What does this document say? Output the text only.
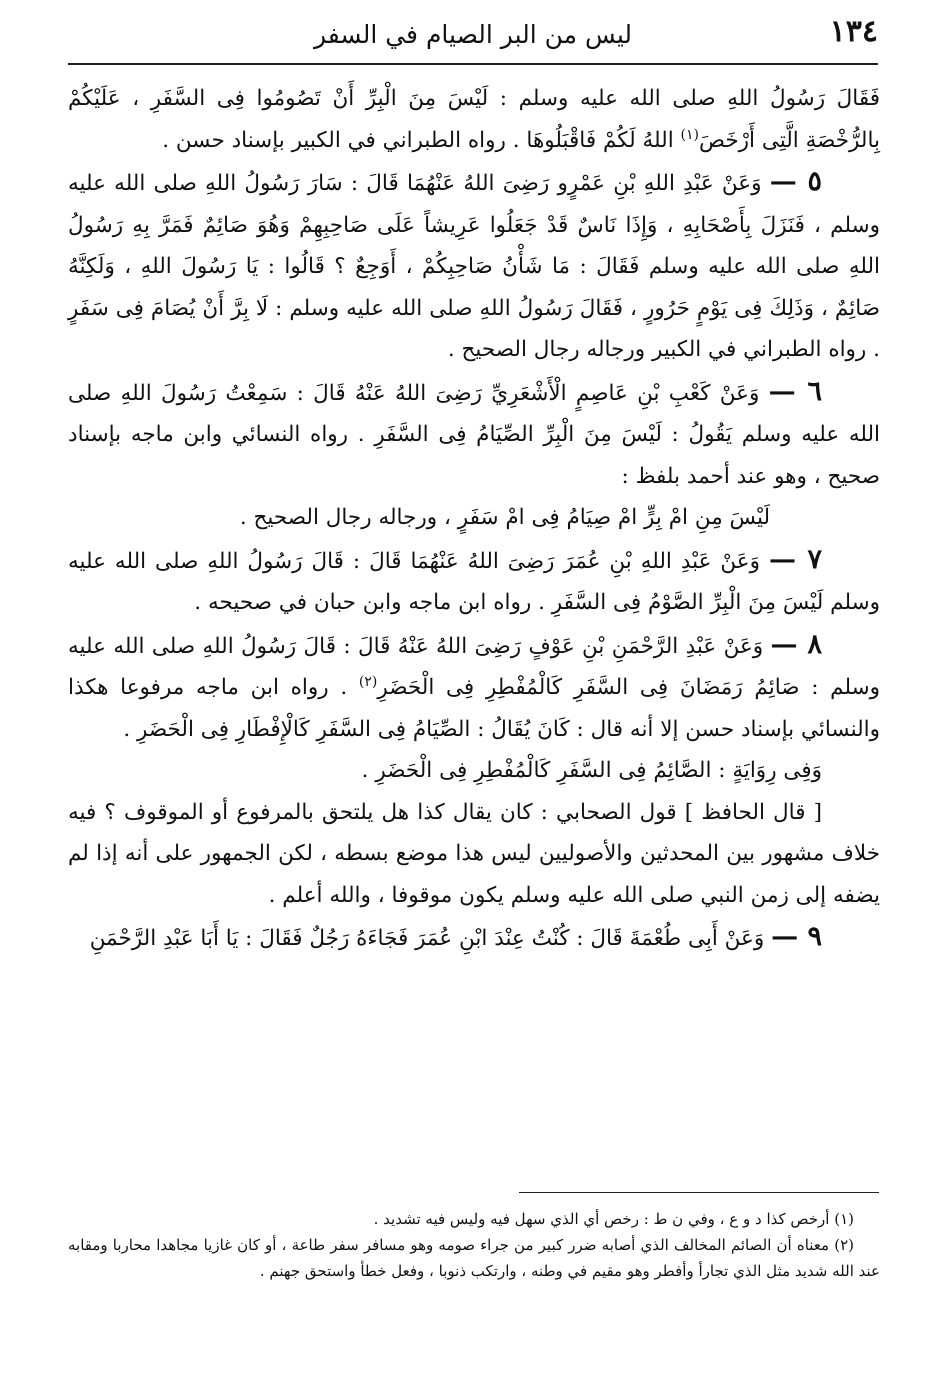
١٣٤
ليس من البر الصيام في السفر

فَقَالَ رَسُولُ اللهِ صلى الله عليه وسلم : لَيْسَ مِنَ الْبِرِّ أَنْ تَصُومُوا فِى السَّفَرِ ، عَلَيْكُمْ بِالرُّخْصَةِ الَّتِى أَرْخَصَ$^{(١)}$ اللهُ لَكُمْ فَاقْبَلُوهَا . رواه الطبراني في الكبير بإسناد حسن .

٥ — وَعَنْ عَبْدِ اللهِ بْنِ عَمْرٍو رَضِىَ اللهُ عَنْهُمَا قَالَ : سَارَ رَسُولُ اللهِ صلى الله عليه وسلم ، فَنَزَلَ بِأَصْحَابِهِ ، وَإِذَا نَاسٌ قَدْ جَعَلُوا عَرِيشاً عَلَى صَاحِبِهِمْ وَهُوَ صَائِمٌ فَمَرَّ بِهِ رَسُولُ اللهِ صلى الله عليه وسلم فَقَالَ : مَا شَأْنُ صَاحِبِكُمْ ، أَوَجِعٌ ؟ قَالُوا : يَا رَسُولَ اللهِ ، وَلَكِنَّهُ صَائِمٌ ، وَذَلِكَ فِى يَوْمٍ حَرُورٍ ، فَقَالَ رَسُولُ اللهِ صلى الله عليه وسلم : لَا بِرَّ أَنْ يُصَامَ فِى سَفَرٍ . رواه الطبراني في الكبير ورجاله رجال الصحيح .

٦ — وَعَنْ كَعْبِ بْنِ عَاصِمٍ الْأَشْعَرِيِّ رَضِىَ اللهُ عَنْهُ قَالَ : سَمِعْتُ رَسُولَ اللهِ صلى الله عليه وسلم يَقُولُ : لَيْسَ مِنَ الْبِرِّ الصِّيَامُ فِى السَّفَرِ . رواه النسائي وابن ماجه بإسناد صحيح ، وهو عند أحمد بلفظ :

لَيْسَ مِنِ امْ بِرٍّ امْ صِيَامُ فِى امْ سَفَرٍ ، ورجاله رجال الصحيح .

٧ — وَعَنْ عَبْدِ اللهِ بْنِ عُمَرَ رَضِىَ اللهُ عَنْهُمَا قَالَ : قَالَ رَسُولُ اللهِ صلى الله عليه وسلم لَيْسَ مِنَ الْبِرِّ الصَّوْمُ فِى السَّفَرِ . رواه ابن ماجه وابن حبان في صحيحه .

٨ — وَعَنْ عَبْدِ الرَّحْمَنِ بْنِ عَوْفٍ رَضِىَ اللهُ عَنْهُ قَالَ : قَالَ رَسُولُ اللهِ صلى الله عليه وسلم : صَائِمُ رَمَضَانَ فِى السَّفَرِ كَالْمُفْطِرِ فِى الْحَضَرِ$^{(٢)}$ . رواه ابن ماجه مرفوعا هكذا والنسائي بإسناد حسن إلا أنه قال : كَانَ يُقَالُ : الصِّيَامُ فِى السَّفَرِ كَالْإِفْطَارِ فِى الْحَضَرِ .

وَفِى رِوَايَةٍ : الصَّائِمُ فِى السَّفَرِ كَالْمُفْطِرِ فِى الْحَضَرِ .

[ قال الحافظ ] قول الصحابي : كان يقال كذا هل يلتحق بالمرفوع أو الموقوف ؟ فيه خلاف مشهور بين المحدثين والأصوليين ليس هذا موضع بسطه ، لكن الجمهور على أنه إذا لم يضفه إلى زمن النبي صلى الله عليه وسلم يكون موقوفا ، والله أعلم .

٩ — وَعَنْ أَبِى طُعْمَةَ قَالَ : كُنْتُ عِنْدَ ابْنِ عُمَرَ فَجَاءَهُ رَجُلٌ فَقَالَ : يَا أَبَا عَبْدِ الرَّحْمَنِ

(١) أرخص كذا د و ع ، وفي ن ط : رخص أي الذي سهل فيه وليس فيه تشديد .

(٢) معناه أن الصائم المخالف الذي أصابه ضرر كبير من جراء صومه وهو مسافر سفر طاعة ، أو كان غازيا مجاهدا محاربا ومقابه عند الله شديد مثل الذي تجارأ وأفطر وهو مقيم في وطنه ، وارتكب ذنوبا ، وفعل خطأ واستحق جهنم .
